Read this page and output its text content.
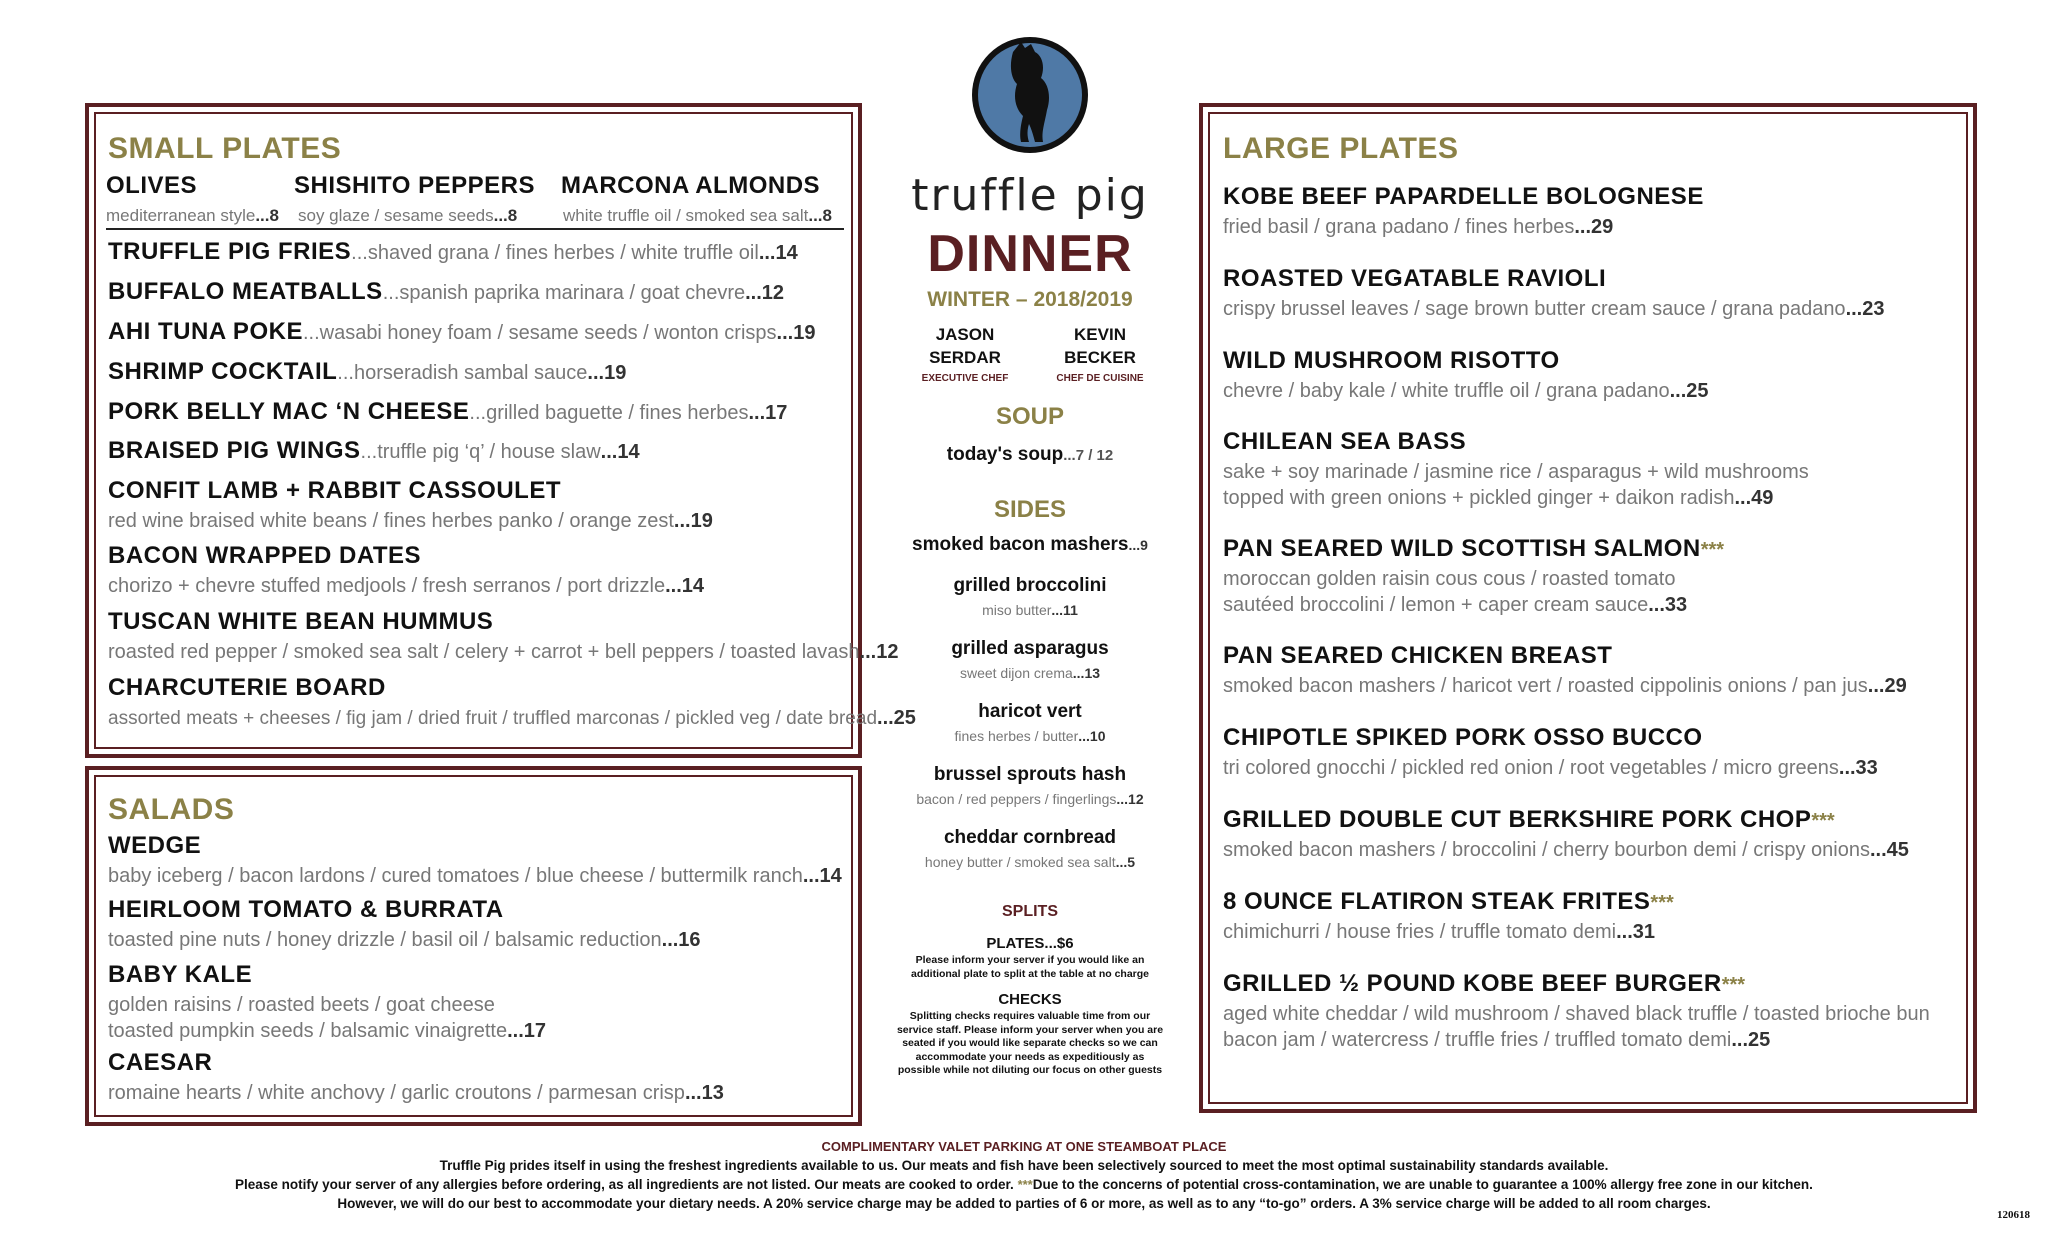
SMALL PLATES
OLIVES
mediterranean style...8
SHISHITO PEPPERS
soy glaze / sesame seeds...8
MARCONA ALMONDS
white truffle oil / smoked sea salt...8
TRUFFLE PIG FRIES...shaved grana / fines herbes / white truffle oil...14
BUFFALO MEATBALLS...spanish paprika marinara / goat chevre...12
AHI TUNA POKE...wasabi honey foam / sesame seeds / wonton crisps...19
SHRIMP COCKTAIL...horseradish sambal sauce...19
PORK BELLY MAC ‘N CHEESE...grilled baguette / fines herbes...17
BRAISED PIG WINGS...truffle pig ‘q’ / house slaw...14
CONFIT LAMB + RABBIT CASSOULET
red wine braised white beans / fines herbes panko / orange zest...19
BACON WRAPPED DATES
chorizo + chevre stuffed medjools / fresh serranos / port drizzle...14
TUSCAN WHITE BEAN HUMMUS
roasted red pepper / smoked sea salt / celery + carrot + bell peppers / toasted lavash...12
CHARCUTERIE BOARD
assorted meats + cheeses / fig jam / dried fruit / truffled marconas / pickled veg / date bread...25
SALADS
WEDGE
baby iceberg / bacon lardons / cured tomatoes / blue cheese / buttermilk ranch...14
HEIRLOOM TOMATO & BURRATA
toasted pine nuts / honey drizzle / basil oil / balsamic reduction...16
BABY KALE
golden raisins / roasted beets / goat cheese
toasted pumpkin seeds / balsamic vinaigrette...17
CAESAR
romaine hearts / white anchovy / garlic croutons / parmesan crisp...13
LARGE PLATES
KOBE BEEF PAPARDELLE BOLOGNESE
fried basil / grana padano / fines herbes...29
ROASTED VEGATABLE RAVIOLI
crispy brussel leaves / sage brown butter cream sauce / grana padano...23
WILD MUSHROOM RISOTTO
chevre / baby kale / white truffle oil / grana padano...25
CHILEAN SEA BASS
sake + soy marinade / jasmine rice / asparagus + wild mushrooms
topped with green onions + pickled ginger + daikon radish...49
PAN SEARED WILD SCOTTISH SALMON***
moroccan golden raisin cous cous / roasted tomato
sautéed broccolini / lemon + caper cream sauce...33
PAN SEARED CHICKEN BREAST
smoked bacon mashers / haricot vert / roasted cippolinis onions / pan jus...29
CHIPOTLE SPIKED PORK OSSO BUCCO
tri colored gnocchi / pickled red onion / root vegetables / micro greens...33
GRILLED DOUBLE CUT BERKSHIRE PORK CHOP***
smoked bacon mashers / broccolini / cherry bourbon demi / crispy onions...45
8 OUNCE FLATIRON STEAK FRITES***
chimichurri / house fries / truffle tomato demi...31
GRILLED ½ POUND KOBE BEEF BURGER***
aged white cheddar / wild mushroom / shaved black truffle / toasted brioche bun
bacon jam / watercress / truffle fries / truffled tomato demi...25
truffle pig
DINNER
WINTER – 2018/2019
JASON
SERDAR
EXECUTIVE CHEF
KEVIN
BECKER
CHEF DE CUISINE
SOUP
today's soup...7 / 12
SIDES
smoked bacon mashers...9
grilled broccolini
miso butter...11
grilled asparagus
sweet dijon crema...13
haricot vert
fines herbes / butter...10
brussel sprouts hash
bacon / red peppers / fingerlings...12
cheddar cornbread
honey butter / smoked sea salt...5
SPLITS
PLATES...$6
Please inform your server if you would like an additional plate to split at the table at no charge
CHECKS
Splitting checks requires valuable time from our service staff. Please inform your server when you are seated if you would like separate checks so we can accommodate your needs as expeditiously as possible while not diluting our focus on other guests
COMPLIMENTARY VALET PARKING AT ONE STEAMBOAT PLACE
Truffle Pig prides itself in using the freshest ingredients available to us. Our meats and fish have been selectively sourced to meet the most optimal sustainability standards available.
Please notify your server of any allergies before ordering, as all ingredients are not listed. Our meats are cooked to order. ***Due to the concerns of potential cross-contamination, we are unable to guarantee a 100% allergy free zone in our kitchen.
However, we will do our best to accommodate your dietary needs. A 20% service charge may be added to parties of 6 or more, as well as to any “to-go” orders. A 3% service charge will be added to all room charges.
120618
